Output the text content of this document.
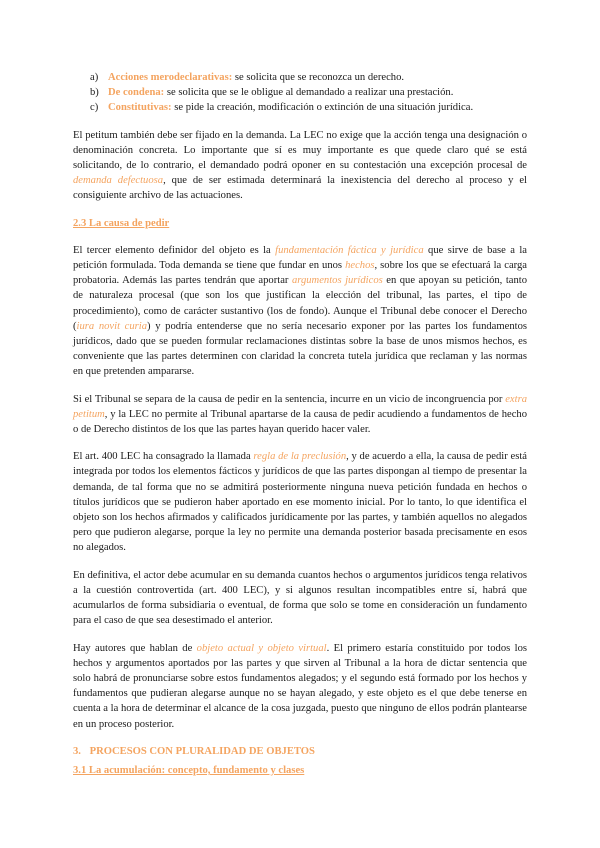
a) Acciones merodeclarativas: se solicita que se reconozca un derecho.
b) De condena: se solicita que se le obligue al demandado a realizar una prestación.
c) Constitutivas: se pide la creación, modificación o extinción de una situación jurídica.

El petitum también debe ser fijado en la demanda. La LEC no exige que la acción tenga una designación o denominación concreta. Lo importante que sí es muy importante es que quede claro qué se está solicitando, de lo contrario, el demandado podrá oponer en su contestación una excepción procesal de demanda defectuosa, que de ser estimada determinará la inexistencia del derecho al proceso y el consiguiente archivo de las actuaciones.

2.3 La causa de pedir

El tercer elemento definidor del objeto es la fundamentación fáctica y jurídica que sirve de base a la petición formulada. Toda demanda se tiene que fundar en unos hechos, sobre los que se efectuará la carga probatoria. Además las partes tendrán que aportar argumentos jurídicos en que apoyan su petición, tanto de naturaleza procesal (que son los que justifican la elección del tribunal, las partes, el tipo de procedimiento), como de carácter sustantivo (los de fondo). Aunque el Tribunal debe conocer el Derecho (iura novit curia) y podría entenderse que no sería necesario exponer por las partes los fundamentos jurídicos, dado que se pueden formular reclamaciones distintas sobre la base de unos mismos hechos, es conveniente que las partes determinen con claridad la concreta tutela jurídica que reclaman y las normas en que pretenden ampararse.

Si el Tribunal se separa de la causa de pedir en la sentencia, incurre en un vicio de incongruencia por extra petitum, y la LEC no permite al Tribunal apartarse de la causa de pedir acudiendo a fundamentos de hecho o de Derecho distintos de los que las partes hayan querido hacer valer.

El art. 400 LEC ha consagrado la llamada regla de la preclusión, y de acuerdo a ella, la causa de pedir está integrada por todos los elementos fácticos y jurídicos de que las partes dispongan al tiempo de presentar la demanda, de tal forma que no se admitirá posteriormente ninguna nueva petición fundada en hechos o títulos jurídicos que se pudieron haber aportado en ese momento inicial. Por lo tanto, lo que identifica el objeto son los hechos afirmados y calificados jurídicamente por las partes, y también aquellos no alegados pero que pudieron alegarse, porque la ley no permite una demanda posterior basada precisamente en esos no alegados.

En definitiva, el actor debe acumular en su demanda cuantos hechos o argumentos jurídicos tenga relativos a la cuestión controvertida (art. 400 LEC), y si algunos resultan incompatibles entre sí, habrá que acumularlos de forma subsidiaria o eventual, de forma que solo se tome en consideración un fundamento para el caso de que sea desestimado el anterior.

Hay autores que hablan de objeto actual y objeto virtual. El primero estaría constituido por todos los hechos y argumentos aportados por las partes y que sirven al Tribunal a la hora de dictar sentencia que solo habrá de pronunciarse sobre estos fundamentos alegados; y el segundo está formado por los hechos y fundamentos que pudieran alegarse aunque no se hayan alegado, y este objeto es el que debe tenerse en cuenta a la hora de determinar el alcance de la cosa juzgada, puesto que ninguno de ellos podrán plantearse en un proceso posterior.

3. PROCESOS CON PLURALIDAD DE OBJETOS
3.1 La acumulación: concepto, fundamento y clases
